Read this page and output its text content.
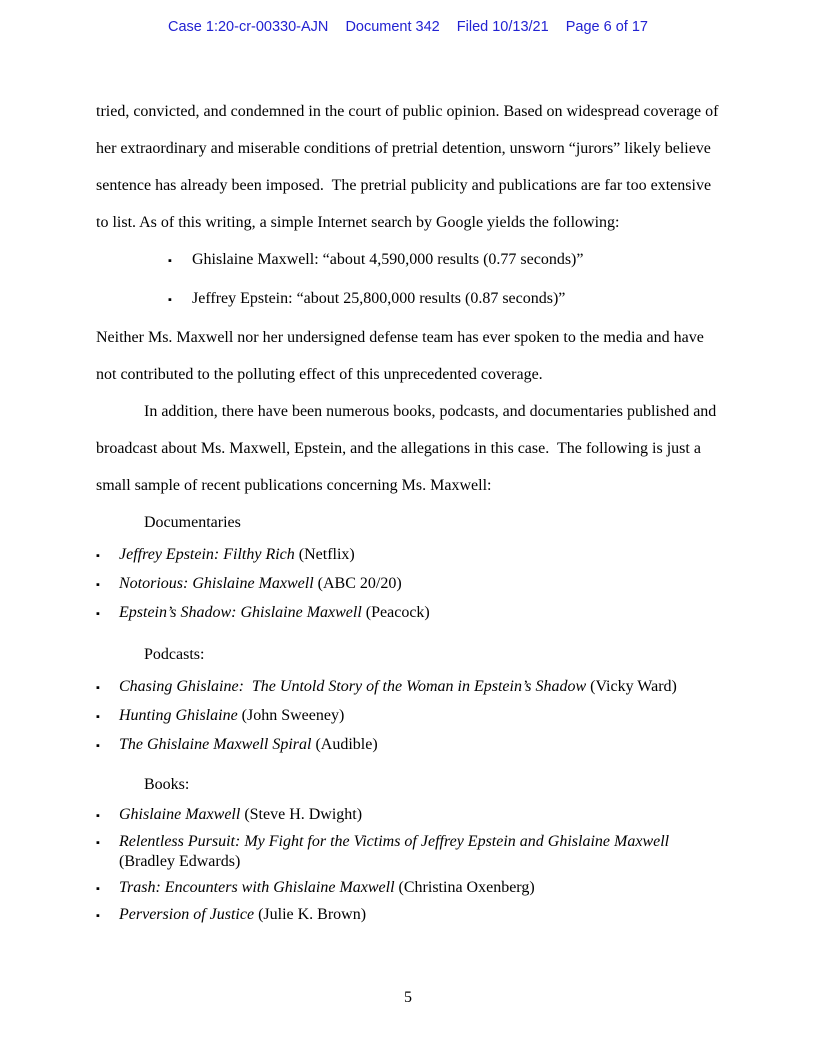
Case 1:20-cr-00330-AJN Document 342 Filed 10/13/21 Page 6 of 17

tried, convicted, and condemned in the court of public opinion. Based on widespread coverage of her extraordinary and miserable conditions of pretrial detention, unsworn “jurors” likely believe sentence has already been imposed.  The pretrial publicity and publications are far too extensive to list. As of this writing, a simple Internet search by Google yields the following:

▪	Ghislaine Maxwell: “about 4,590,000 results (0.77 seconds)”
▪	Jeffrey Epstein: “about 25,800,000 results (0.87 seconds)”

Neither Ms. Maxwell nor her undersigned defense team has ever spoken to the media and have not contributed to the polluting effect of this unprecedented coverage.

In addition, there have been numerous books, podcasts, and documentaries published and broadcast about Ms. Maxwell, Epstein, and the allegations in this case.  The following is just a small sample of recent publications concerning Ms. Maxwell:

Documentaries

▪	Jeffrey Epstein: Filthy Rich (Netflix)
▪	Notorious: Ghislaine Maxwell (ABC 20/20)
▪	Epstein’s Shadow: Ghislaine Maxwell (Peacock)

Podcasts:

▪	Chasing Ghislaine:  The Untold Story of the Woman in Epstein’s Shadow (Vicky Ward)
▪	Hunting Ghislaine (John Sweeney)
▪	The Ghislaine Maxwell Spiral (Audible)

Books:

▪	Ghislaine Maxwell (Steve H. Dwight)
▪	Relentless Pursuit: My Fight for the Victims of Jeffrey Epstein and Ghislaine Maxwell (Bradley Edwards)
▪	Trash: Encounters with Ghislaine Maxwell (Christina Oxenberg)
▪	Perversion of Justice (Julie K. Brown)
5
